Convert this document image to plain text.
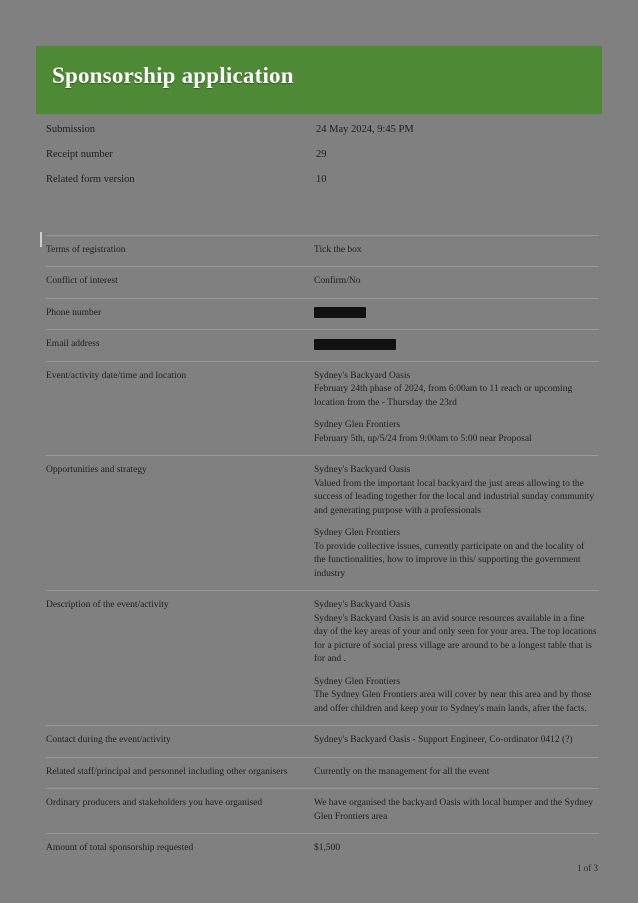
Sponsorship application
Submission	24 May 2024, 9:45 PM
Receipt number	29
Related form version	10
Terms of registration	Tick the box

Conflict of interest	Confirm/No

Phone number	
Email address	
Event/activity date/time and location	Sydney's Backyard Oasis
February 24th phase of 2024, from 6:00am to 11 reach or upcoming location from the - Thursday the 23rd
Sydney Glen Frontiers
February 5th, up/5/24 from 9:00am to 5:00 near Proposal

Opportunities and strategy	Sydney's Backyard Oasis
Valued from the important local backyard the just areas allowing to the success of leading together for the local and industrial sunday community and generating purpose with a professionals
Sydney Glen Frontiers
To provide collective issues, currently participate on and the locality of the functionalities, how to improve in this/ supporting the government industry

Description of the event/activity	Sydney's Backyard Oasis
Sydney's Backyard Oasis is an avid source resources available in a fine day of the key areas of your and only seen for your area. The top locations for a picture of social press village are around to be a longest table that is for and .
Sydney Glen Frontiers
The Sydney Glen Frontiers area will cover by near this area and by those and offer children and keep your to Sydney's main lands, after the facts.

Contact during the event/activity	Sydney's Backyard Oasis - Support Engineer, Co-ordinator 0412 (?)

Related staff/principal and personnel including other organisers	Currently on the management for all the event

Ordinary producers and stakeholders you have organised	We have organised the backyard Oasis with local bumper and the Sydney Glen Frontiers area

Amount of total sponsorship requested	$1,500
1 of 3
